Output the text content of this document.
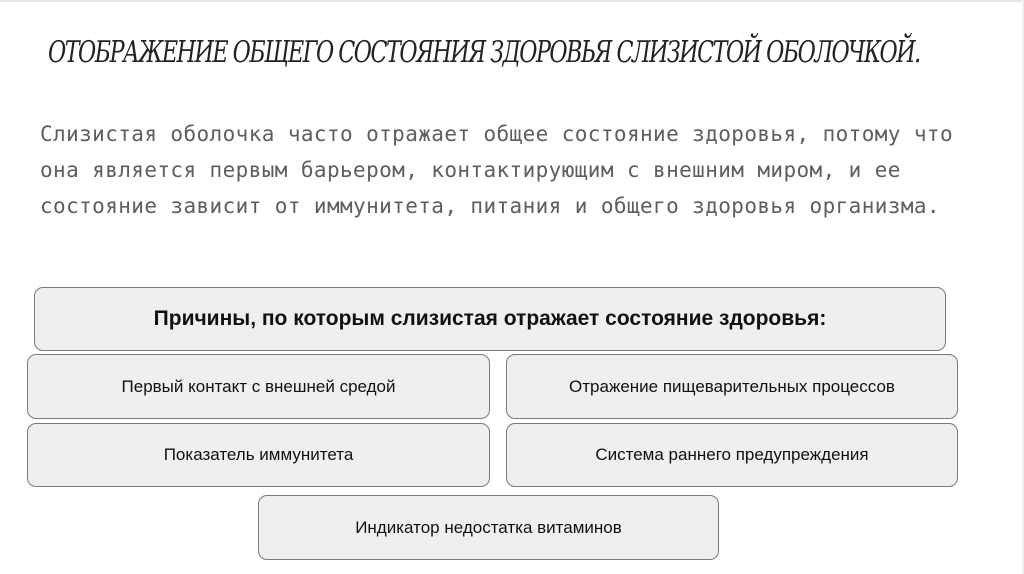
ОТОБРАЖЕНИЕ ОБЩЕГО СОСТОЯНИЯ ЗДОРОВЬЯ СЛИЗИСТОЙ ОБОЛОЧКОЙ.
Слизистая оболочка часто отражает общее состояние здоровья, потому что она является первым барьером, контактирующим с внешним миром, и ее состояние зависит от иммунитета, питания и общего здоровья организма.
Причины, по которым слизистая отражает состояние здоровья:
Первый контакт с внешней средой	Отражение пищеварительных процессов
Показатель иммунитета	Система раннего предупреждения
Индикатор недостатка витаминов
